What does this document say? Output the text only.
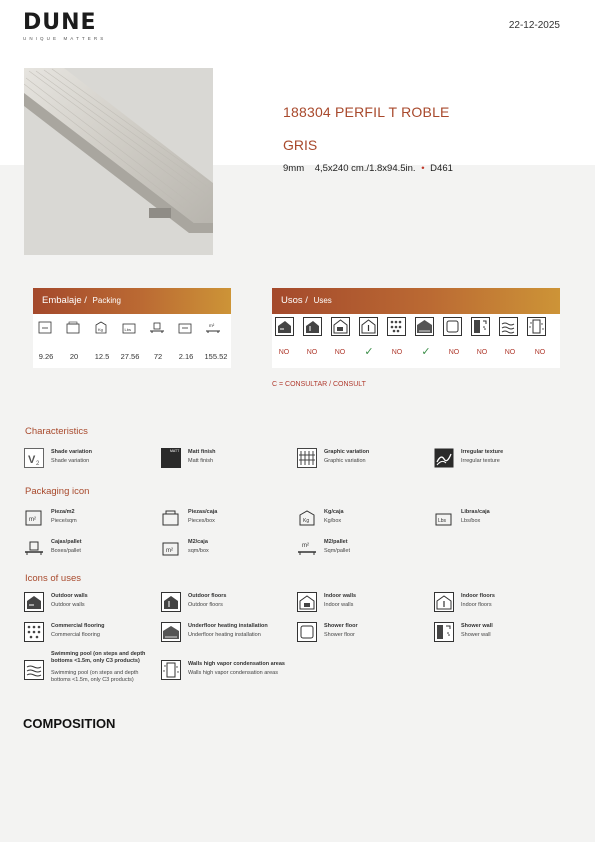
DUNE
UNIQUE MATTERS
22-12-2025
188304 PERFIL T ROBLE
GRIS
9mm 4,5x240 cm./1.8x94.5in. • D461
Embalaje / Packing
Kg	Lbs
m²
9.26	20	12.5	27.56	72	2.16	155.52
Usos / Uses
NO	NO	NO	✓	NO	✓	NO	NO	NO	NO
C = CONSULTAR / CONSULT
Characteristics
V 2
Shade variation
Shade variation
MATT Matt finish
Matt finish
Graphic variation
Graphic variation
Irregular texture
Irregular texture
Packaging icon
m²
Pieza/m2
Piece/sqm
Piezas/caja
Pieces/box	Kg
Kg/caja
Kg/box	Lbs
Libras/caja
Lbs/box
Cajas/pallet
Boxes/pallet	m²
M2/caja
sqm/box
m²
M2/pallet
Sqm/pallet
Icons of uses
Outdoor walls
Outdoor walls
Outdoor floors
Outdoor floors
Indoor walls
Indoor walls
Indoor floors
Indoor floors
Commercial flooring
Commercial flooring
Underfloor heating installation
Underfloor heating installation
Shower floor
Shower floor
Shower wall
Shower wall
Swimming pool (on steps and depth bottoms <1.5m, only C3 products)
Swimming pool (on steps and depth bottoms <1.5m, only C3 products)
Walls high vapor condensation areas
Walls high vapor condensation areas
COMPOSITION
